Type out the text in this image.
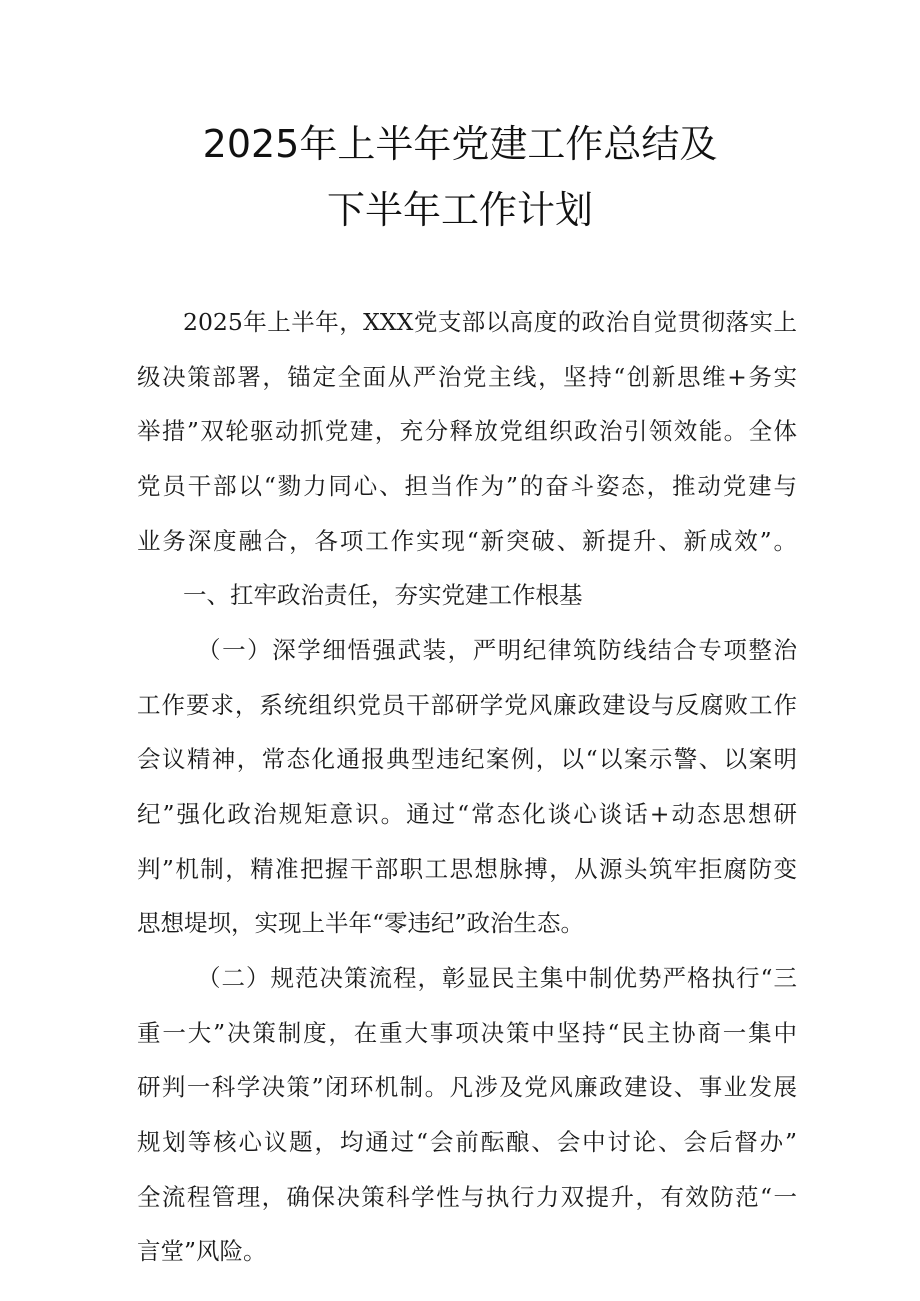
2025年上半年党建工作总结及
下半年工作计划
2025年上半年，XXX党支部以高度的政治自觉贯彻落实上
级决策部署，锚定全面从严治党主线，坚持“创新思维+务实
举措”双轮驱动抓党建，充分释放党组织政治引领效能。全体
党员干部以“勠力同心、担当作为”的奋斗姿态，推动党建与
业务深度融合，各项工作实现“新突破、新提升、新成效”。
一、扛牢政治责任，夯实党建工作根基
（一）深学细悟强武装，严明纪律筑防线结合专项整治
工作要求，系统组织党员干部研学党风廉政建设与反腐败工作
会议精神，常态化通报典型违纪案例，以“以案示警、以案明
纪”强化政治规矩意识。通过“常态化谈心谈话+动态思想研
判”机制，精准把握干部职工思想脉搏，从源头筑牢拒腐防变
思想堤坝，实现上半年“零违纪”政治生态。
（二）规范决策流程，彰显民主集中制优势严格执行“三
重一大”决策制度，在重大事项决策中坚持“民主协商一集中
研判一科学决策”闭环机制。凡涉及党风廉政建设、事业发展
规划等核心议题，均通过“会前酝酿、会中讨论、会后督办”
全流程管理，确保决策科学性与执行力双提升，有效防范“一
言堂”风险。
